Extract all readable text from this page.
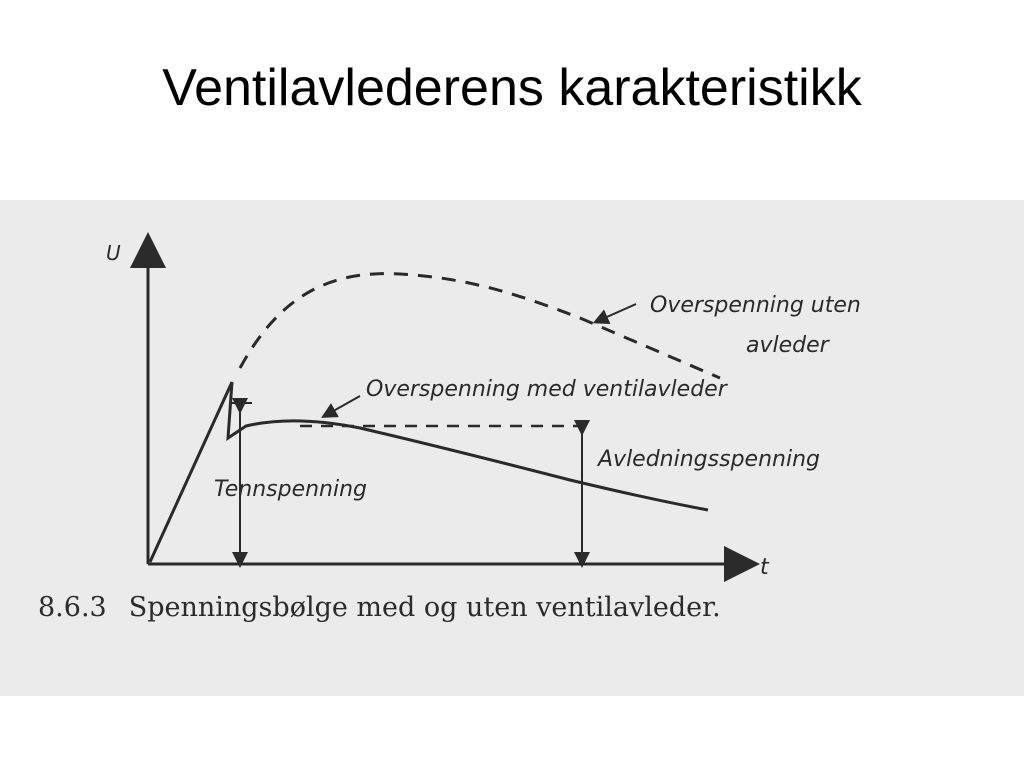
Ventilavlederens karakteristikk
U
t
Overspenning uten
avleder
Overspenning med ventilavleder
Avledningsspenning
Tennspenning

8.6.3 Spenningsbølge med og uten ventilavleder.
